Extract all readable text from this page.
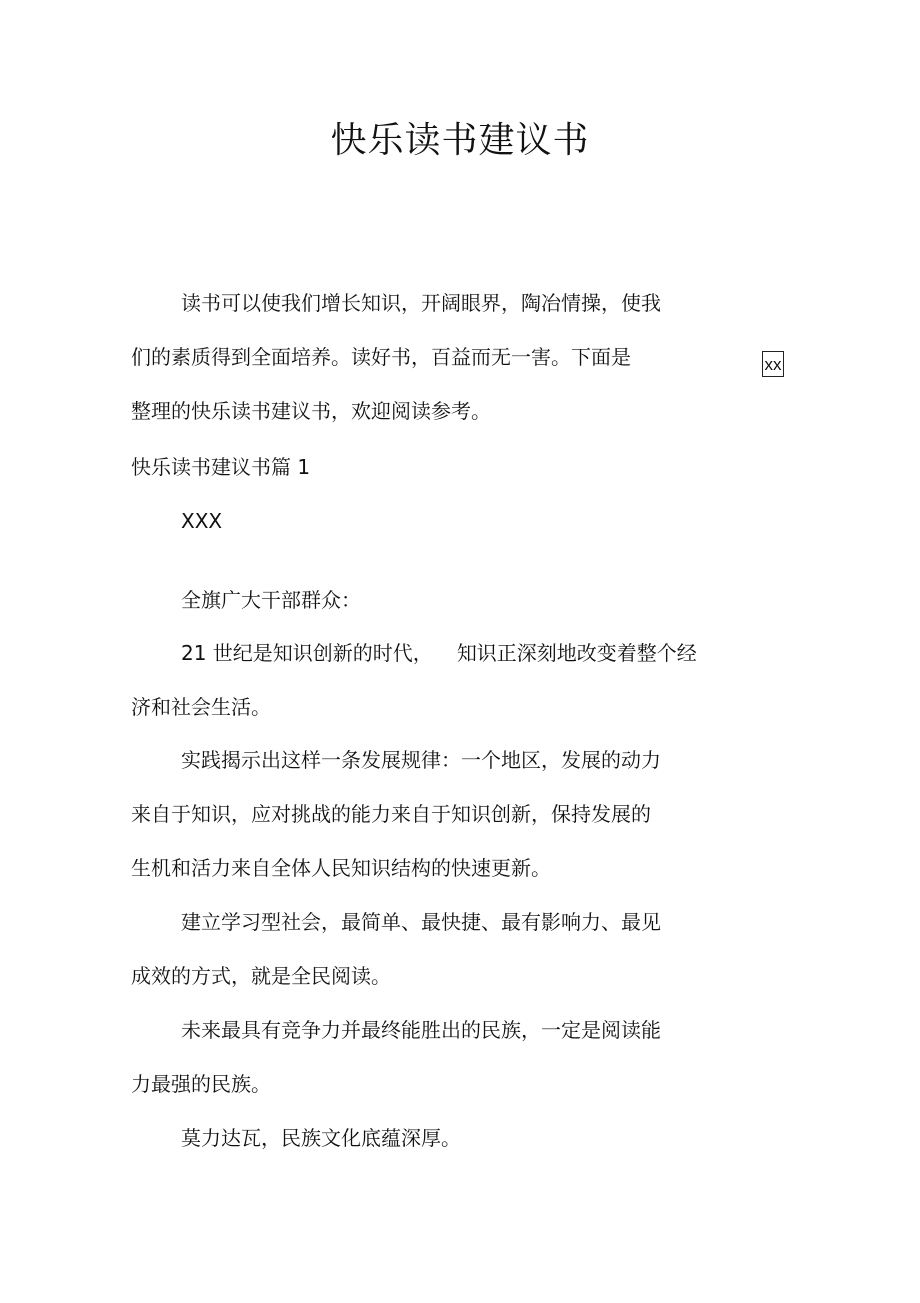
快乐读书建议书
读书可以使我们增长知识，开阔眼界，陶冶情操，使我
们的素质得到全面培养。读好书，百益而无一害。下面是
整理的快乐读书建议书，欢迎阅读参考。
xx
快乐读书建议书篇 1
XXX
全旗广大干部群众：
21 世纪是知识创新的时代， 知识正深刻地改变着整个经
济和社会生活。
实践揭示出这样一条发展规律：一个地区，发展的动力
来自于知识，应对挑战的能力来自于知识创新，保持发展的
生机和活力来自全体人民知识结构的快速更新。
建立学习型社会，最简单、最快捷、最有影响力、最见
成效的方式，就是全民阅读。
未来最具有竞争力并最终能胜出的民族，一定是阅读能
力最强的民族。
莫力达瓦，民族文化底蕴深厚。
